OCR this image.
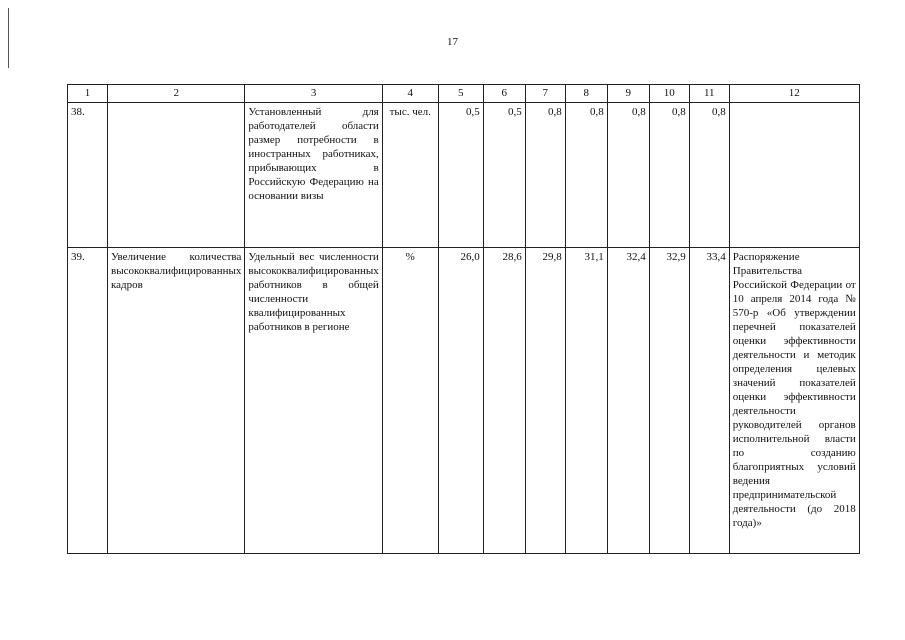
17
1	2	3	4	5	6	7	8	9	10	11	12
38.		Установленный для работодателей области размер потребности в иностранных работниках, прибывающих в Российскую Федерацию на основании визы	тыс. чел.	0,5	0,5	0,8	0,8	0,8	0,8	0,8	
39.	Увеличение количества высококвалифицированных кадров	Удельный вес численности высококвалифицированных работников в общей численности квалифицированных работников в регионе	%	26,0	28,6	29,8	31,1	32,4	32,9	33,4	Распоряжение Правительства Российской Федерации от 10 апреля 2014 года № 570-р «Об утверждении перечней показателей оценки эффективности деятельности и методик определения целевых значений показателей оценки эффективности деятельности руководителей органов исполнительной власти по созданию благоприятных условий ведения предпринимательской деятельности (до 2018 года)»
